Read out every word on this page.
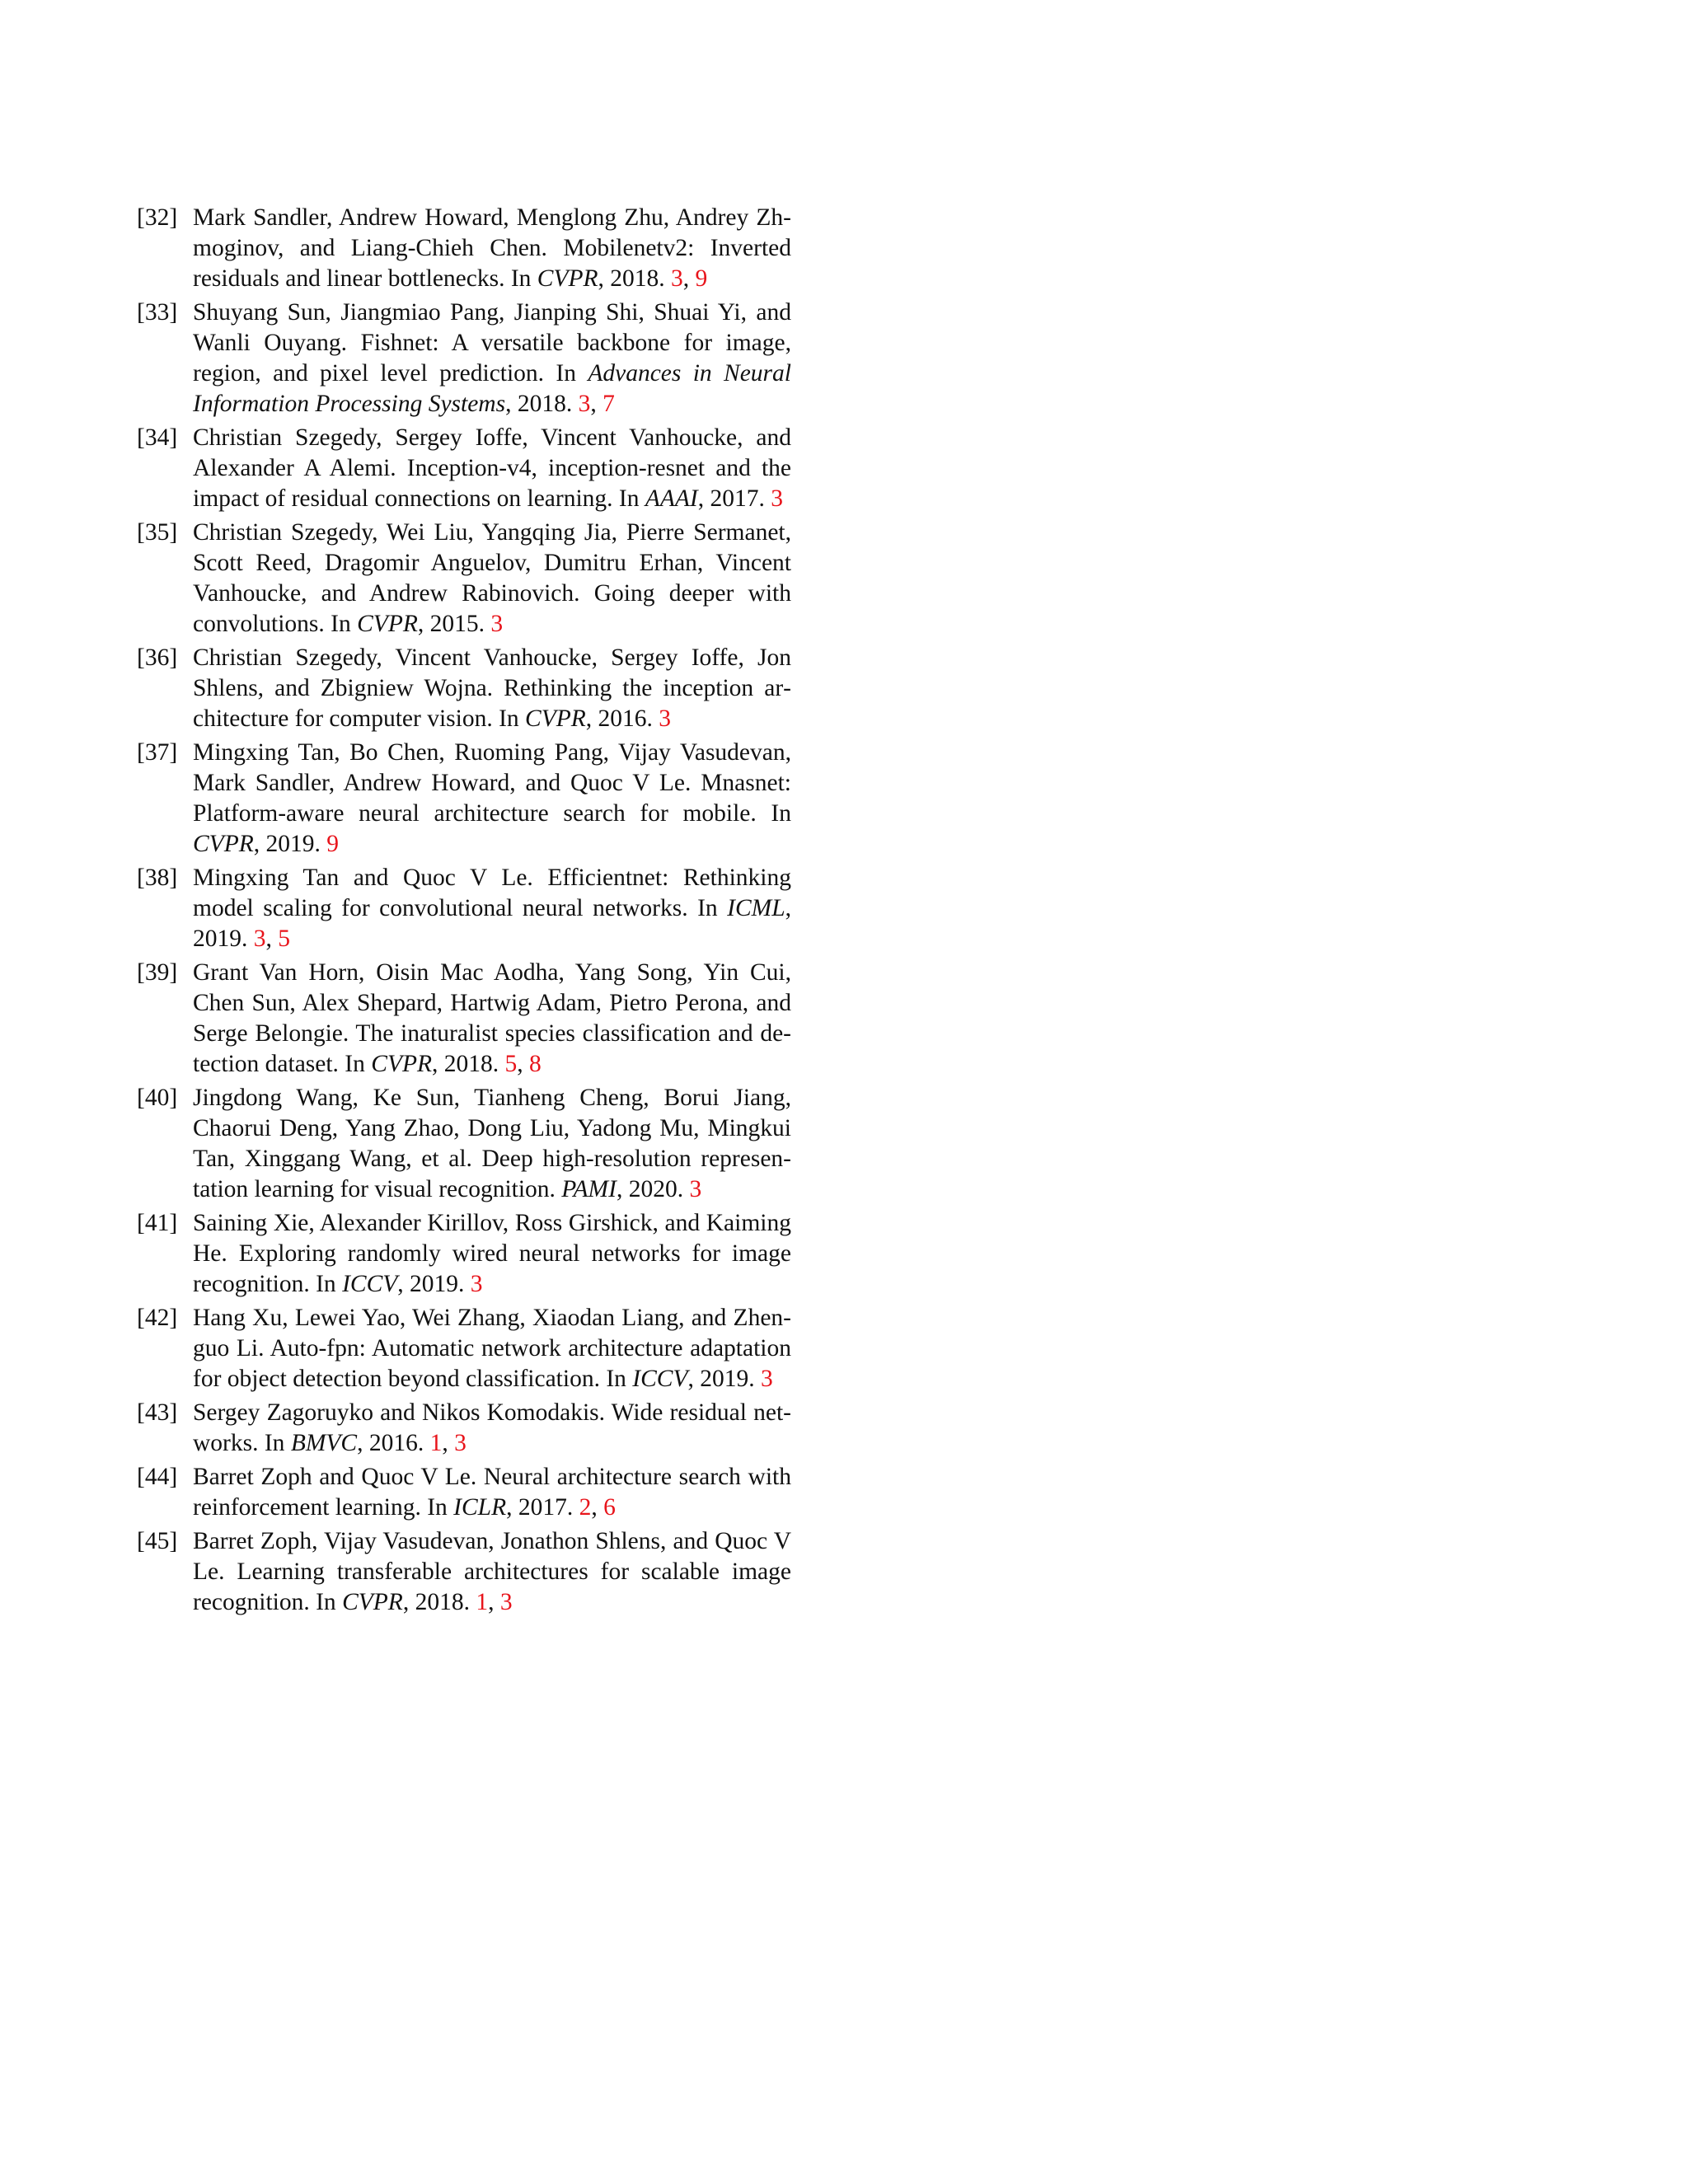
[32] Mark Sandler, Andrew Howard, Menglong Zhu, Andrey Zhmoginov, and Liang-Chieh Chen. Mobilenetv2: Inverted residuals and linear bottlenecks. In CVPR, 2018. 3, 9
[33] Shuyang Sun, Jiangmiao Pang, Jianping Shi, Shuai Yi, and Wanli Ouyang. Fishnet: A versatile backbone for image, region, and pixel level prediction. In Advances in Neural Information Processing Systems, 2018. 3, 7
[34] Christian Szegedy, Sergey Ioffe, Vincent Vanhoucke, and Alexander A Alemi. Inception-v4, inception-resnet and the impact of residual connections on learning. In AAAI, 2017. 3
[35] Christian Szegedy, Wei Liu, Yangqing Jia, Pierre Sermanet, Scott Reed, Dragomir Anguelov, Dumitru Erhan, Vincent Vanhoucke, and Andrew Rabinovich. Going deeper with convolutions. In CVPR, 2015. 3
[36] Christian Szegedy, Vincent Vanhoucke, Sergey Ioffe, Jon Shlens, and Zbigniew Wojna. Rethinking the inception architecture for computer vision. In CVPR, 2016. 3
[37] Mingxing Tan, Bo Chen, Ruoming Pang, Vijay Vasudevan, Mark Sandler, Andrew Howard, and Quoc V Le. Mnasnet: Platform-aware neural architecture search for mobile. In CVPR, 2019. 9
[38] Mingxing Tan and Quoc V Le. Efficientnet: Rethinking model scaling for convolutional neural networks. In ICML, 2019. 3, 5
[39] Grant Van Horn, Oisin Mac Aodha, Yang Song, Yin Cui, Chen Sun, Alex Shepard, Hartwig Adam, Pietro Perona, and Serge Belongie. The inaturalist species classification and detection dataset. In CVPR, 2018. 5, 8
[40] Jingdong Wang, Ke Sun, Tianheng Cheng, Borui Jiang, Chaorui Deng, Yang Zhao, Dong Liu, Yadong Mu, Mingkui Tan, Xinggang Wang, et al. Deep high-resolution representation learning for visual recognition. PAMI, 2020. 3
[41] Saining Xie, Alexander Kirillov, Ross Girshick, and Kaiming He. Exploring randomly wired neural networks for image recognition. In ICCV, 2019. 3
[42] Hang Xu, Lewei Yao, Wei Zhang, Xiaodan Liang, and Zhenguo Li. Auto-fpn: Automatic network architecture adaptation for object detection beyond classification. In ICCV, 2019. 3
[43] Sergey Zagoruyko and Nikos Komodakis. Wide residual networks. In BMVC, 2016. 1, 3
[44] Barret Zoph and Quoc V Le. Neural architecture search with reinforcement learning. In ICLR, 2017. 2, 6
[45] Barret Zoph, Vijay Vasudevan, Jonathon Shlens, and Quoc V Le. Learning transferable architectures for scalable image recognition. In CVPR, 2018. 1, 3
